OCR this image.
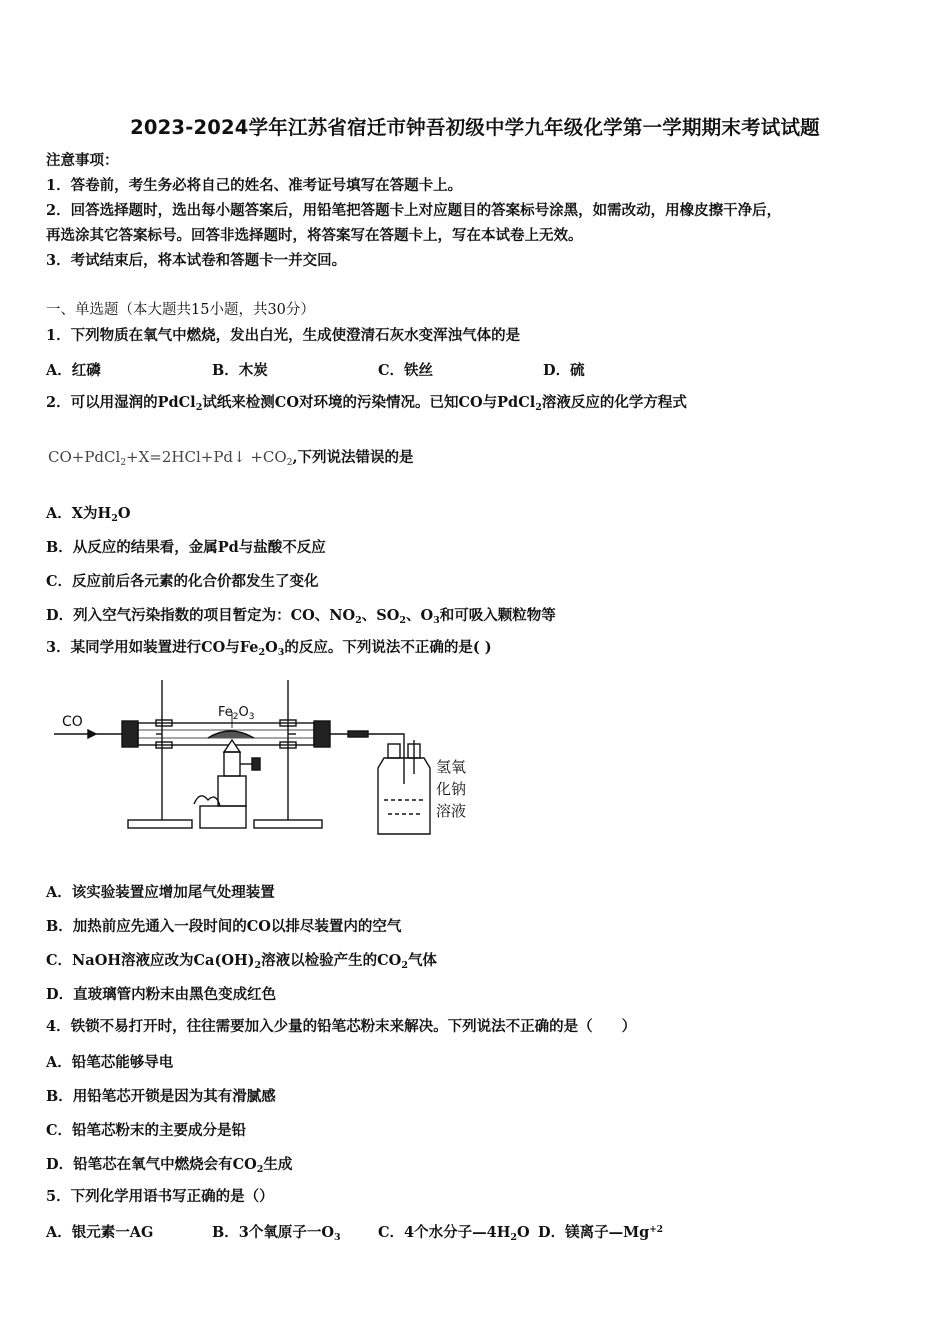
2023-2024学年江苏省宿迁市钟吾初级中学九年级化学第一学期期末考试试题
注意事项：
1．答卷前，考生务必将自己的姓名、准考证号填写在答题卡上。
2．回答选择题时，选出每小题答案后，用铅笔把答题卡上对应题目的答案标号涂黑，如需改动，用橡皮擦干净后，
再选涂其它答案标号。回答非选择题时，将答案写在答题卡上，写在本试卷上无效。
3．考试结束后，将本试卷和答题卡一并交回。
一、单选题（本大题共15小题，共30分）
1．下列物质在氧气中燃烧，发出白光，生成使澄清石灰水变浑浊气体的是
A．红磷	B．木炭	C．铁丝	D．硫
2．可以用湿润的PdCl$_2$试纸来检测CO对环境的污染情况。已知CO与PdCl$_2$溶液反应的化学方程式
CO+PdCl$_2$+X=2HCl+Pd↓ $+CO_2$,下列说法错误的是
A．X为$H_2O$
B．从反应的结果看，金属Pd与盐酸不反应
C．反应前后各元素的化合价都发生了变化
D．列入空气污染指数的项目暂定为：CO、$NO_2$、$SO_2$、$O_3$和可吸入颗粒物等
3．某同学用如装置进行CO与$Fe_2O_3$的反应。下列说法不正确的是( )
CO
$Fe_2O_3$
氢氧
化钠
溶液
A．该实验装置应增加尾气处理装置
B．加热前应先通入一段时间的CO以排尽装置内的空气
C．NaOH溶液应改为$Ca(OH)_2$溶液以检验产生的$CO_2$气体
D．直玻璃管内粉末由黑色变成红色
4．铁锁不易打开时，往往需要加入少量的铅笔芯粉末来解决。下列说法不正确的是（　　）
A．铅笔芯能够导电
B．用铅笔芯开锁是因为其有滑腻感
C．铅笔芯粉末的主要成分是铅
D．铅笔芯在氧气中燃烧会有$CO_2$生成
5．下列化学用语书写正确的是（）
A．银元素一AG	B．3个氧原子一$O_3$	C．4个水分子$—4H_2O$ D．镁离子$—Mg^{+2}$
